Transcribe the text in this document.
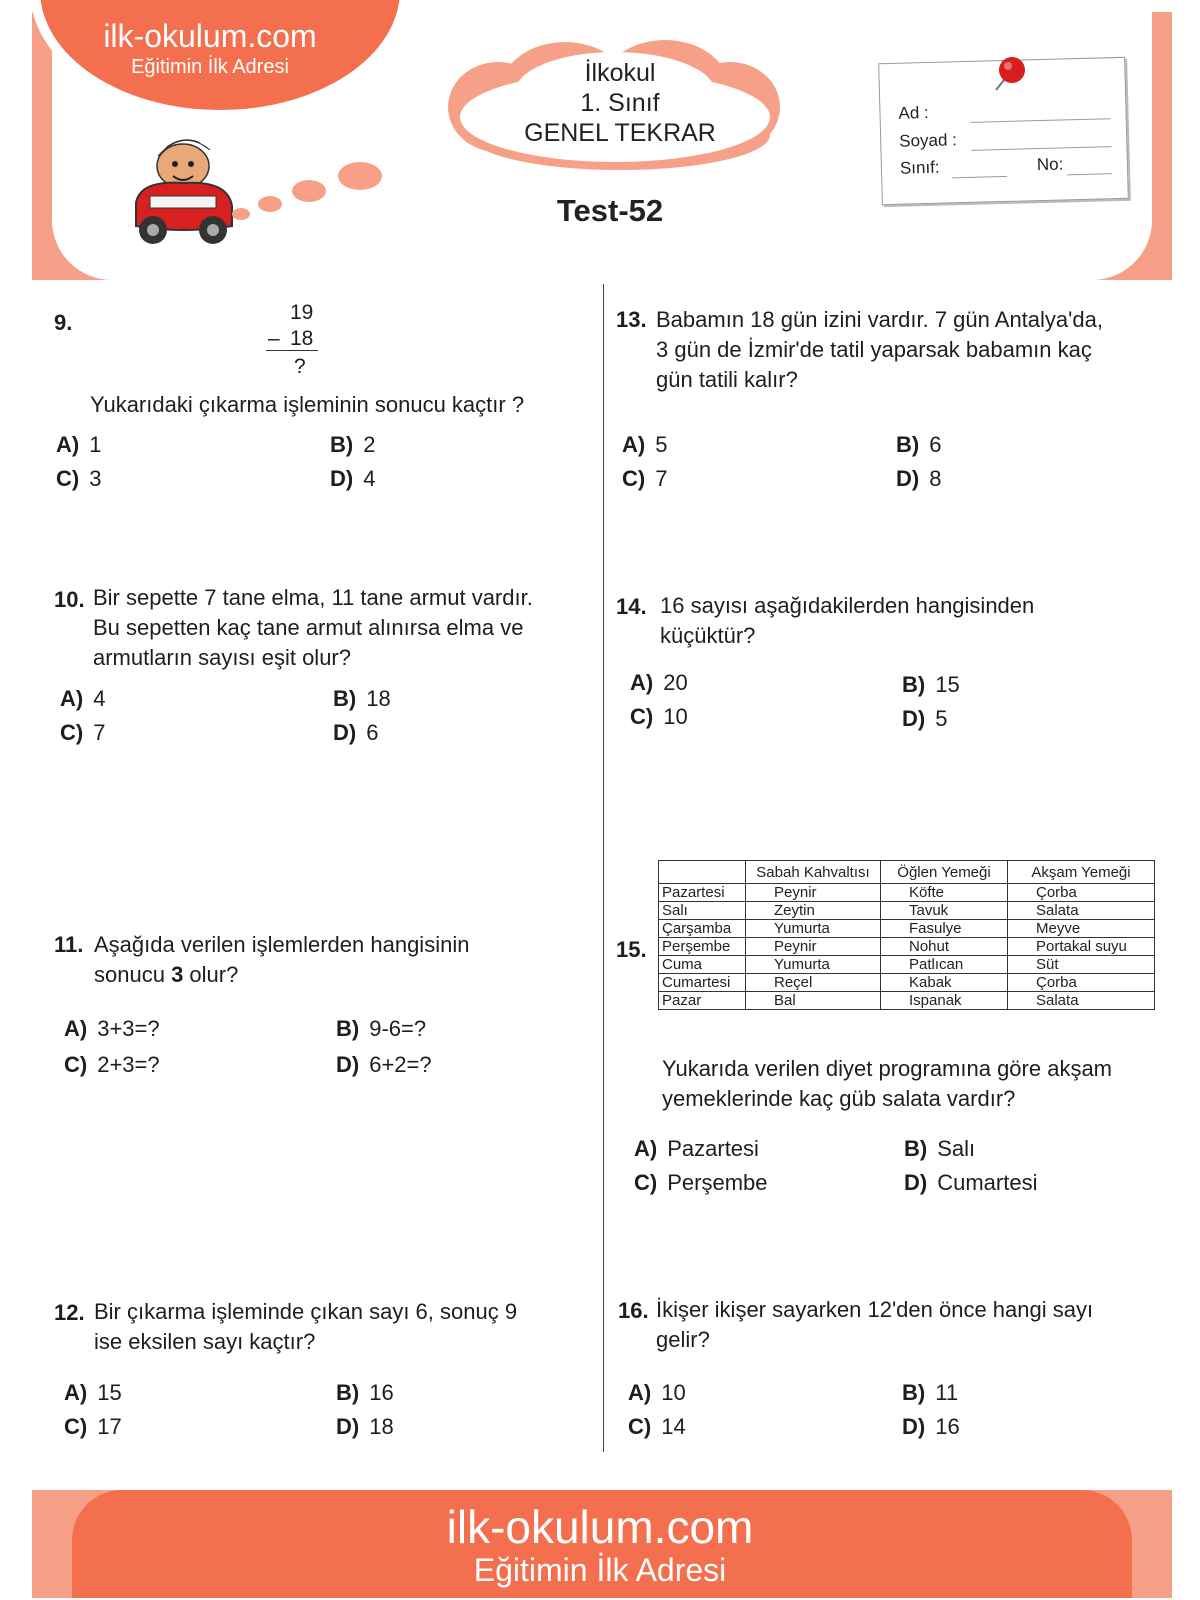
ilk-okulum.com
Eğitimin İlk Adresi	İlkokul
1. Sınıf
GENEL TEKRAR
Test-52
Ad :
Soyad :
Sınıf:	No:
9.	19
– 18
?
Yukarıdaki çıkarma işleminin sonucu kaçtır ?
A) 1	B) 2
C) 3	D) 4
10. Bir sepette 7 tane elma, 11 tane armut vardır.
Bu sepetten kaç tane armut alınırsa elma ve
armutların sayısı eşit olur?
A) 4	B) 18
C) 7	D) 6
11. Aşağıda verilen işlemlerden hangisinin
sonucu 3 olur?
A) 3+3=?	B) 9-6=?
C) 2+3=?	D) 6+2=?
12. Bir çıkarma işleminde çıkan sayı 6, sonuç 9
ise eksilen sayı kaçtır?
A) 15	B) 16
C) 17	D) 18
13. Babamın 18 gün izini vardır. 7 gün Antalya'da,
3 gün de İzmir'de tatil yaparsak babamın kaç
gün tatili kalır?
A) 5	B) 6
C) 7	D) 8
14. 16 sayısı aşağıdakilerden hangisinden
küçüktür?
A) 20	B) 15
C) 10	D) 5
15.
	Sabah Kahvaltısı	Öğlen Yemeği	Akşam Yemeği
Pazartesi	Peynir	Köfte	Çorba
Salı	Zeytin	Tavuk	Salata
Çarşamba	Yumurta	Fasulye	Meyve
Perşembe	Peynir	Nohut	Portakal suyu
Cuma	Yumurta	Patlıcan	Süt
Cumartesi	Reçel	Kabak	Çorba
Pazar	Bal	Ispanak	Salata
Yukarıda verilen diyet programına göre akşam
yemeklerinde kaç güb salata vardır?
A) Pazartesi	B) Salı
C) Perşembe	D) Cumartesi
16. İkişer ikişer sayarken 12'den önce hangi sayı
gelir?
A) 10	B) 11
C) 14	D) 16
ilk-okulum.com
Eğitimin İlk Adresi
